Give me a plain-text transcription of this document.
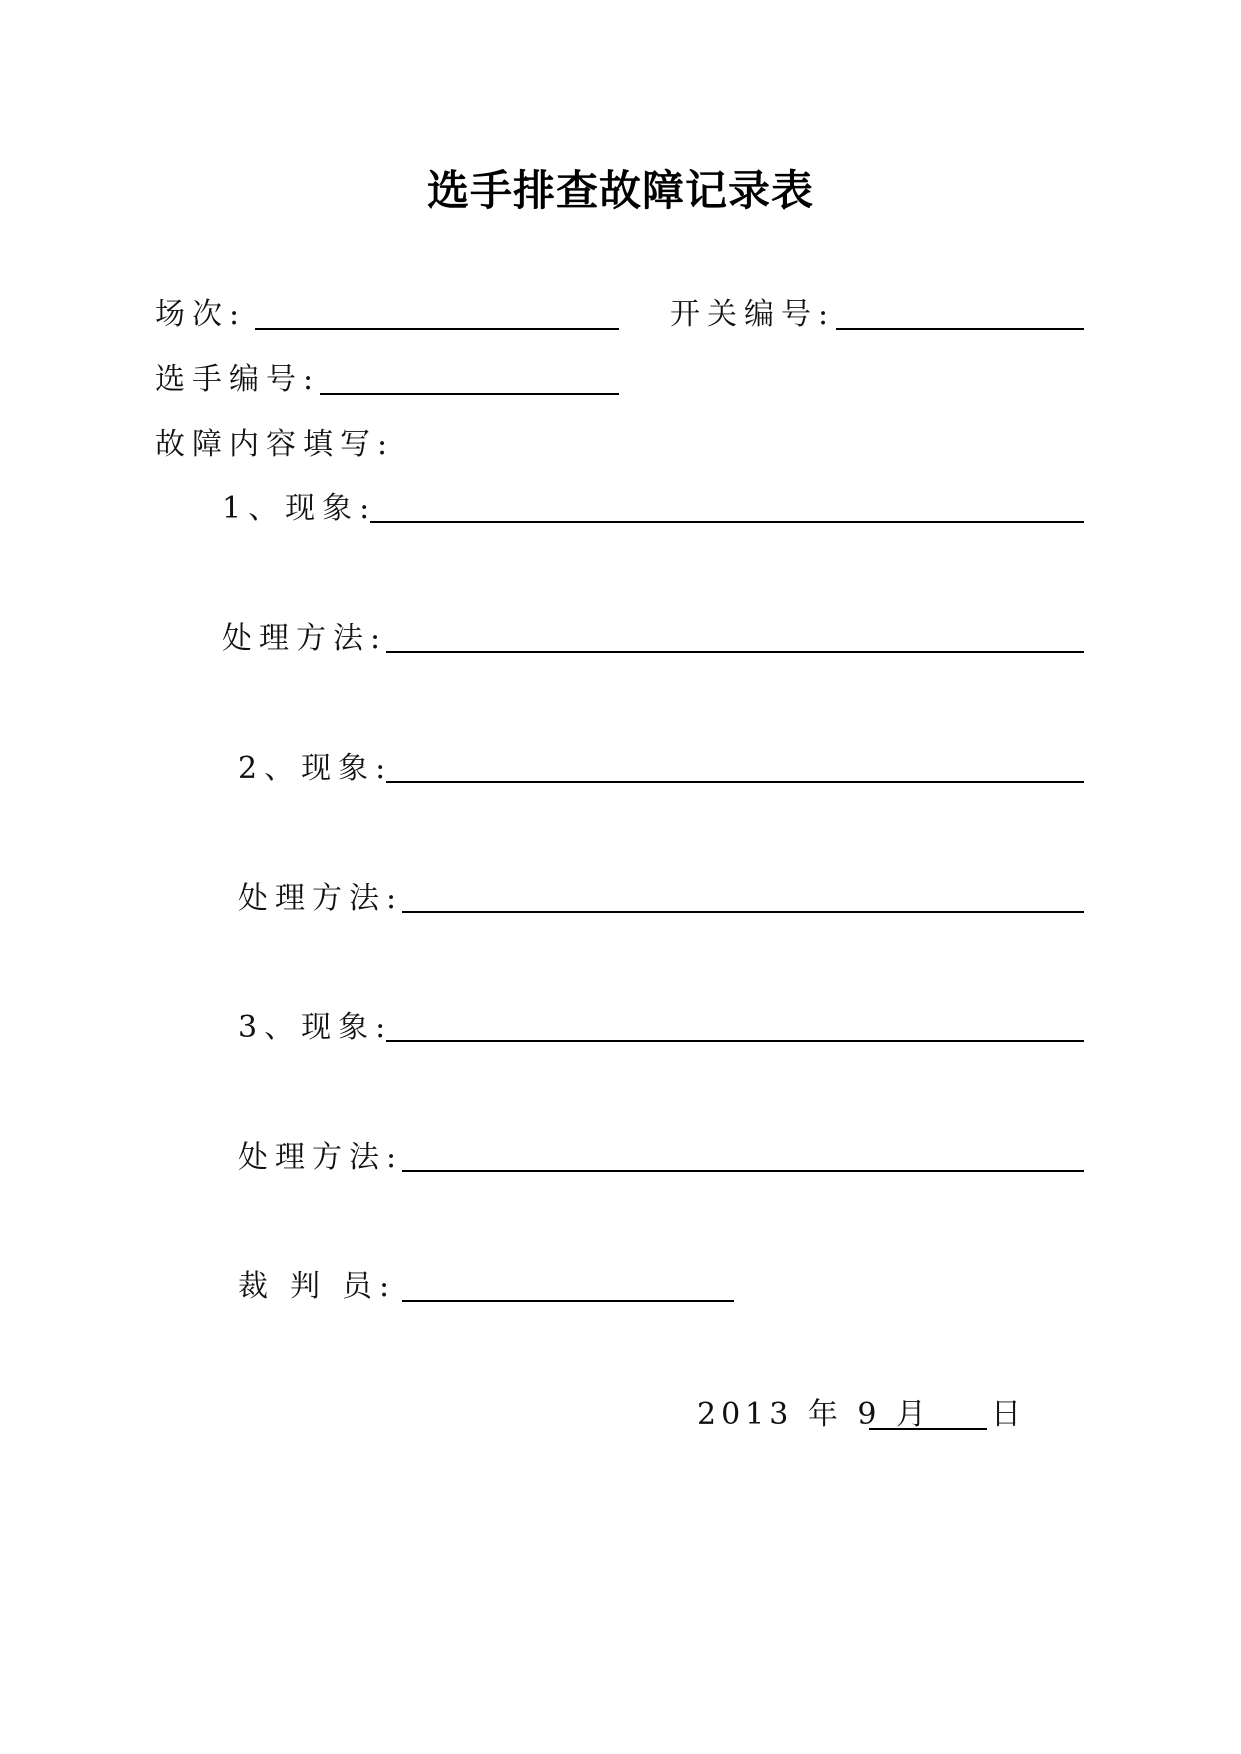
选手排查故障记录表
场次:	开关编号:
选手编号:
故障内容填写:
1、现象:
处理方法:
2、现象:
处理方法:
3、现象:
处理方法:
裁 判 员:
2013 年 9 月 日
